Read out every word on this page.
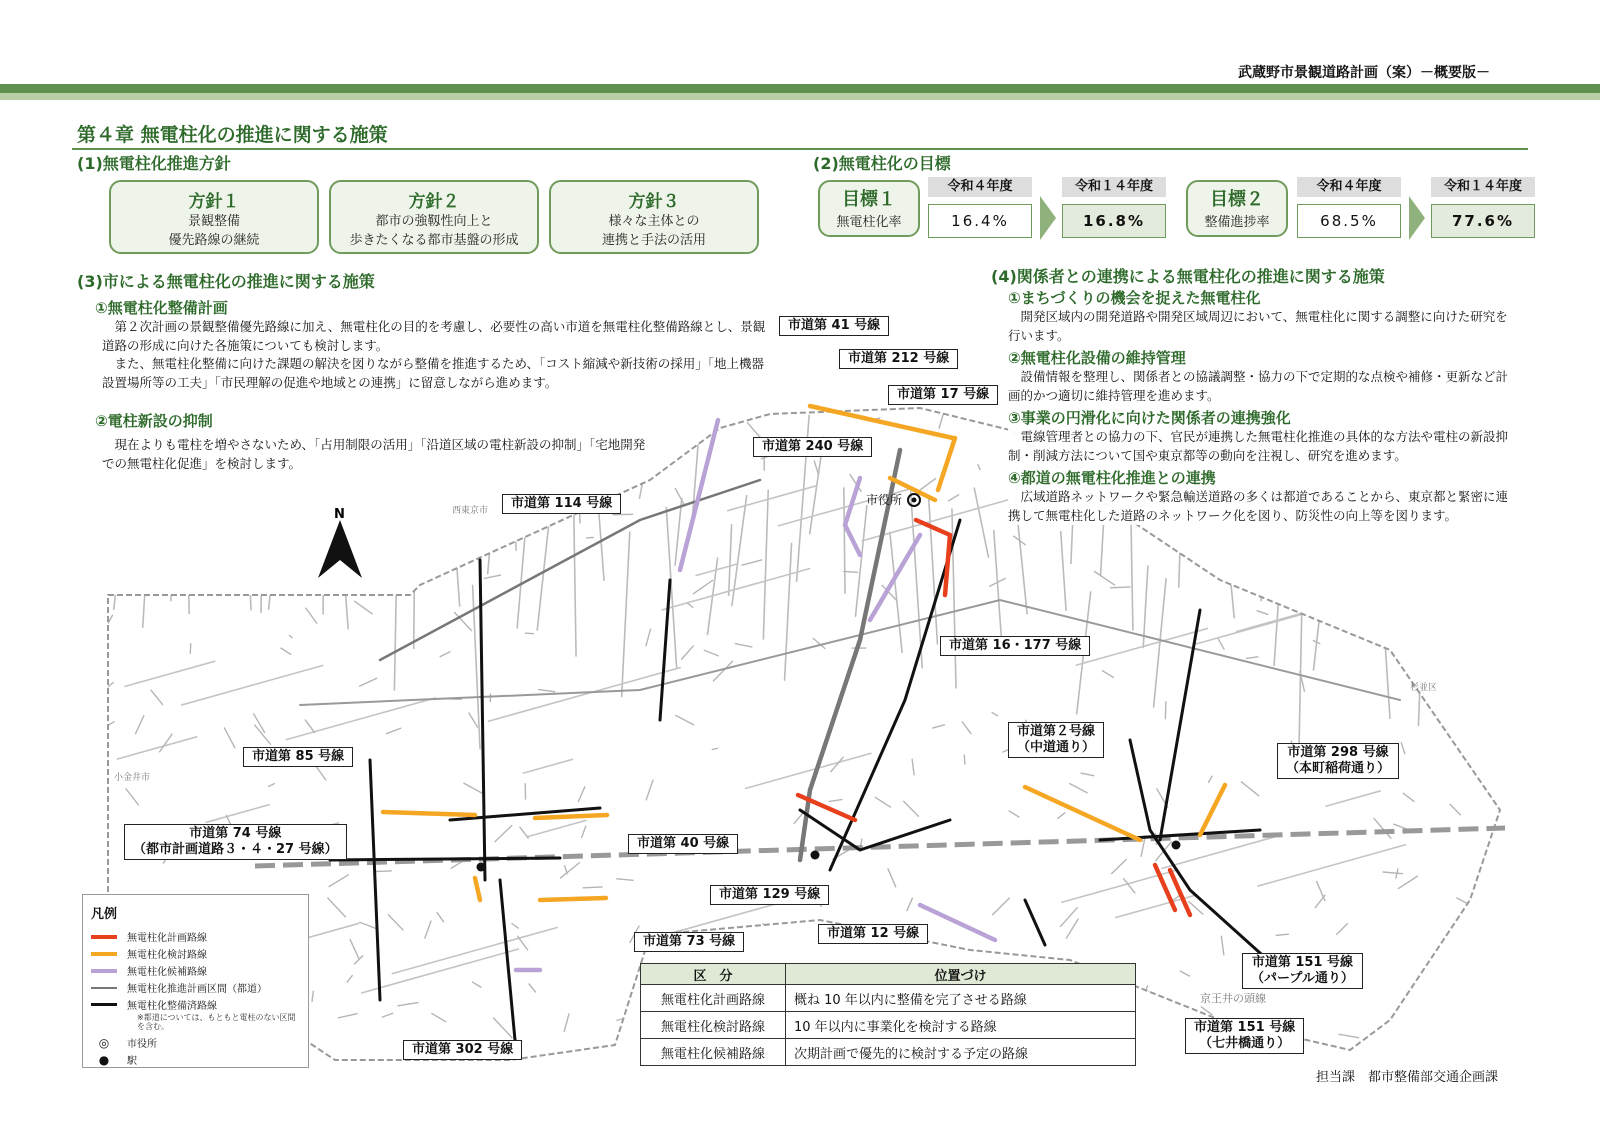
武蔵野市景観道路計画（案）－概要版－
第４章 無電柱化の推進に関する施策
(1)無電柱化推進方針
方針１
景観整備
優先路線の継続
方針２
都市の強靱性向上と
歩きたくなる都市基盤の形成
方針３
様々な主体との
連携と手法の活用
(2)無電柱化の目標
目標１
無電柱化率
令和４年度
16.4%
令和１４年度
16.8%
目標２
整備進捗率
令和４年度
68.5%
令和１４年度
77.6%
N
市役所
西東京市
小金井市
杉並区
京王井の頭線
市道第 41 号線
市道第 212 号線
市道第 17 号線
市道第 240 号線
市道第 114 号線
市道第 16・177 号線
市道第２号線
（中道通り）	市道第 298 号線
（本町稲荷通り）
市道第 85 号線
市道第 74 号線
（都市計画道路３・４・27 号線）	市道第 40 号線
市道第 129 号線
市道第 12 号線
市道第 73 号線
市道第 151 号線
（パープル通り）
市道第 151 号線
（七井橋通り）
市道第 302 号線
(3)市による無電柱化の推進に関する施策
①無電柱化整備計画

第２次計画の景観整備優先路線に加え、無電柱化の目的を考慮し、必要性の高い市道を無電柱化整備路線とし、景観道路の形成に向けた各施策についても検討します。

また、無電柱化整備に向けた課題の解決を図りながら整備を推進するため、「コスト縮減や新技術の採用」「地上機器設置場所等の工夫」「市民理解の促進や地域との連携」に留意しながら進めます。

②電柱新設の抑制

現在よりも電柱を増やさないため、「占用制限の活用」「沿道区域の電柱新設の抑制」「宅地開発での無電柱化促進」を検討します。

(4)関係者との連携による無電柱化の推進に関する施策
①まちづくりの機会を捉えた無電柱化

開発区域内の開発道路や開発区域周辺において、無電柱化に関する調整に向けた研究を行います。

②無電柱化設備の維持管理

設備情報を整理し、関係者との協議調整・協力の下で定期的な点検や補修・更新など計画的かつ適切に維持管理を進めます。

③事業の円滑化に向けた関係者の連携強化

電線管理者との協力の下、官民が連携した無電柱化推進の具体的な方法や電柱の新設抑制・削減方法について国や東京都等の動向を注視し、研究を進めます。

④都道の無電柱化推進との連携

広域道路ネットワークや緊急輸送道路の多くは都道であることから、東京都と緊密に連携して無電柱化した道路のネットワーク化を図り、防災性の向上等を図ります。

凡例
無電柱化計画路線
無電柱化検討路線
無電柱化候補路線
無電柱化推進計画区間（都道）
無電柱化整備済路線
※都道については、もともと電柱のない区間を含む。
◎	市役所
●	駅
区　分	位置づけ
無電柱化計画路線	概ね 10 年以内に整備を完了させる路線
無電柱化検討路線	10 年以内に事業化を検討する路線
無電柱化候補路線	次期計画で優先的に検討する予定の路線
担当課　都市整備部交通企画課
